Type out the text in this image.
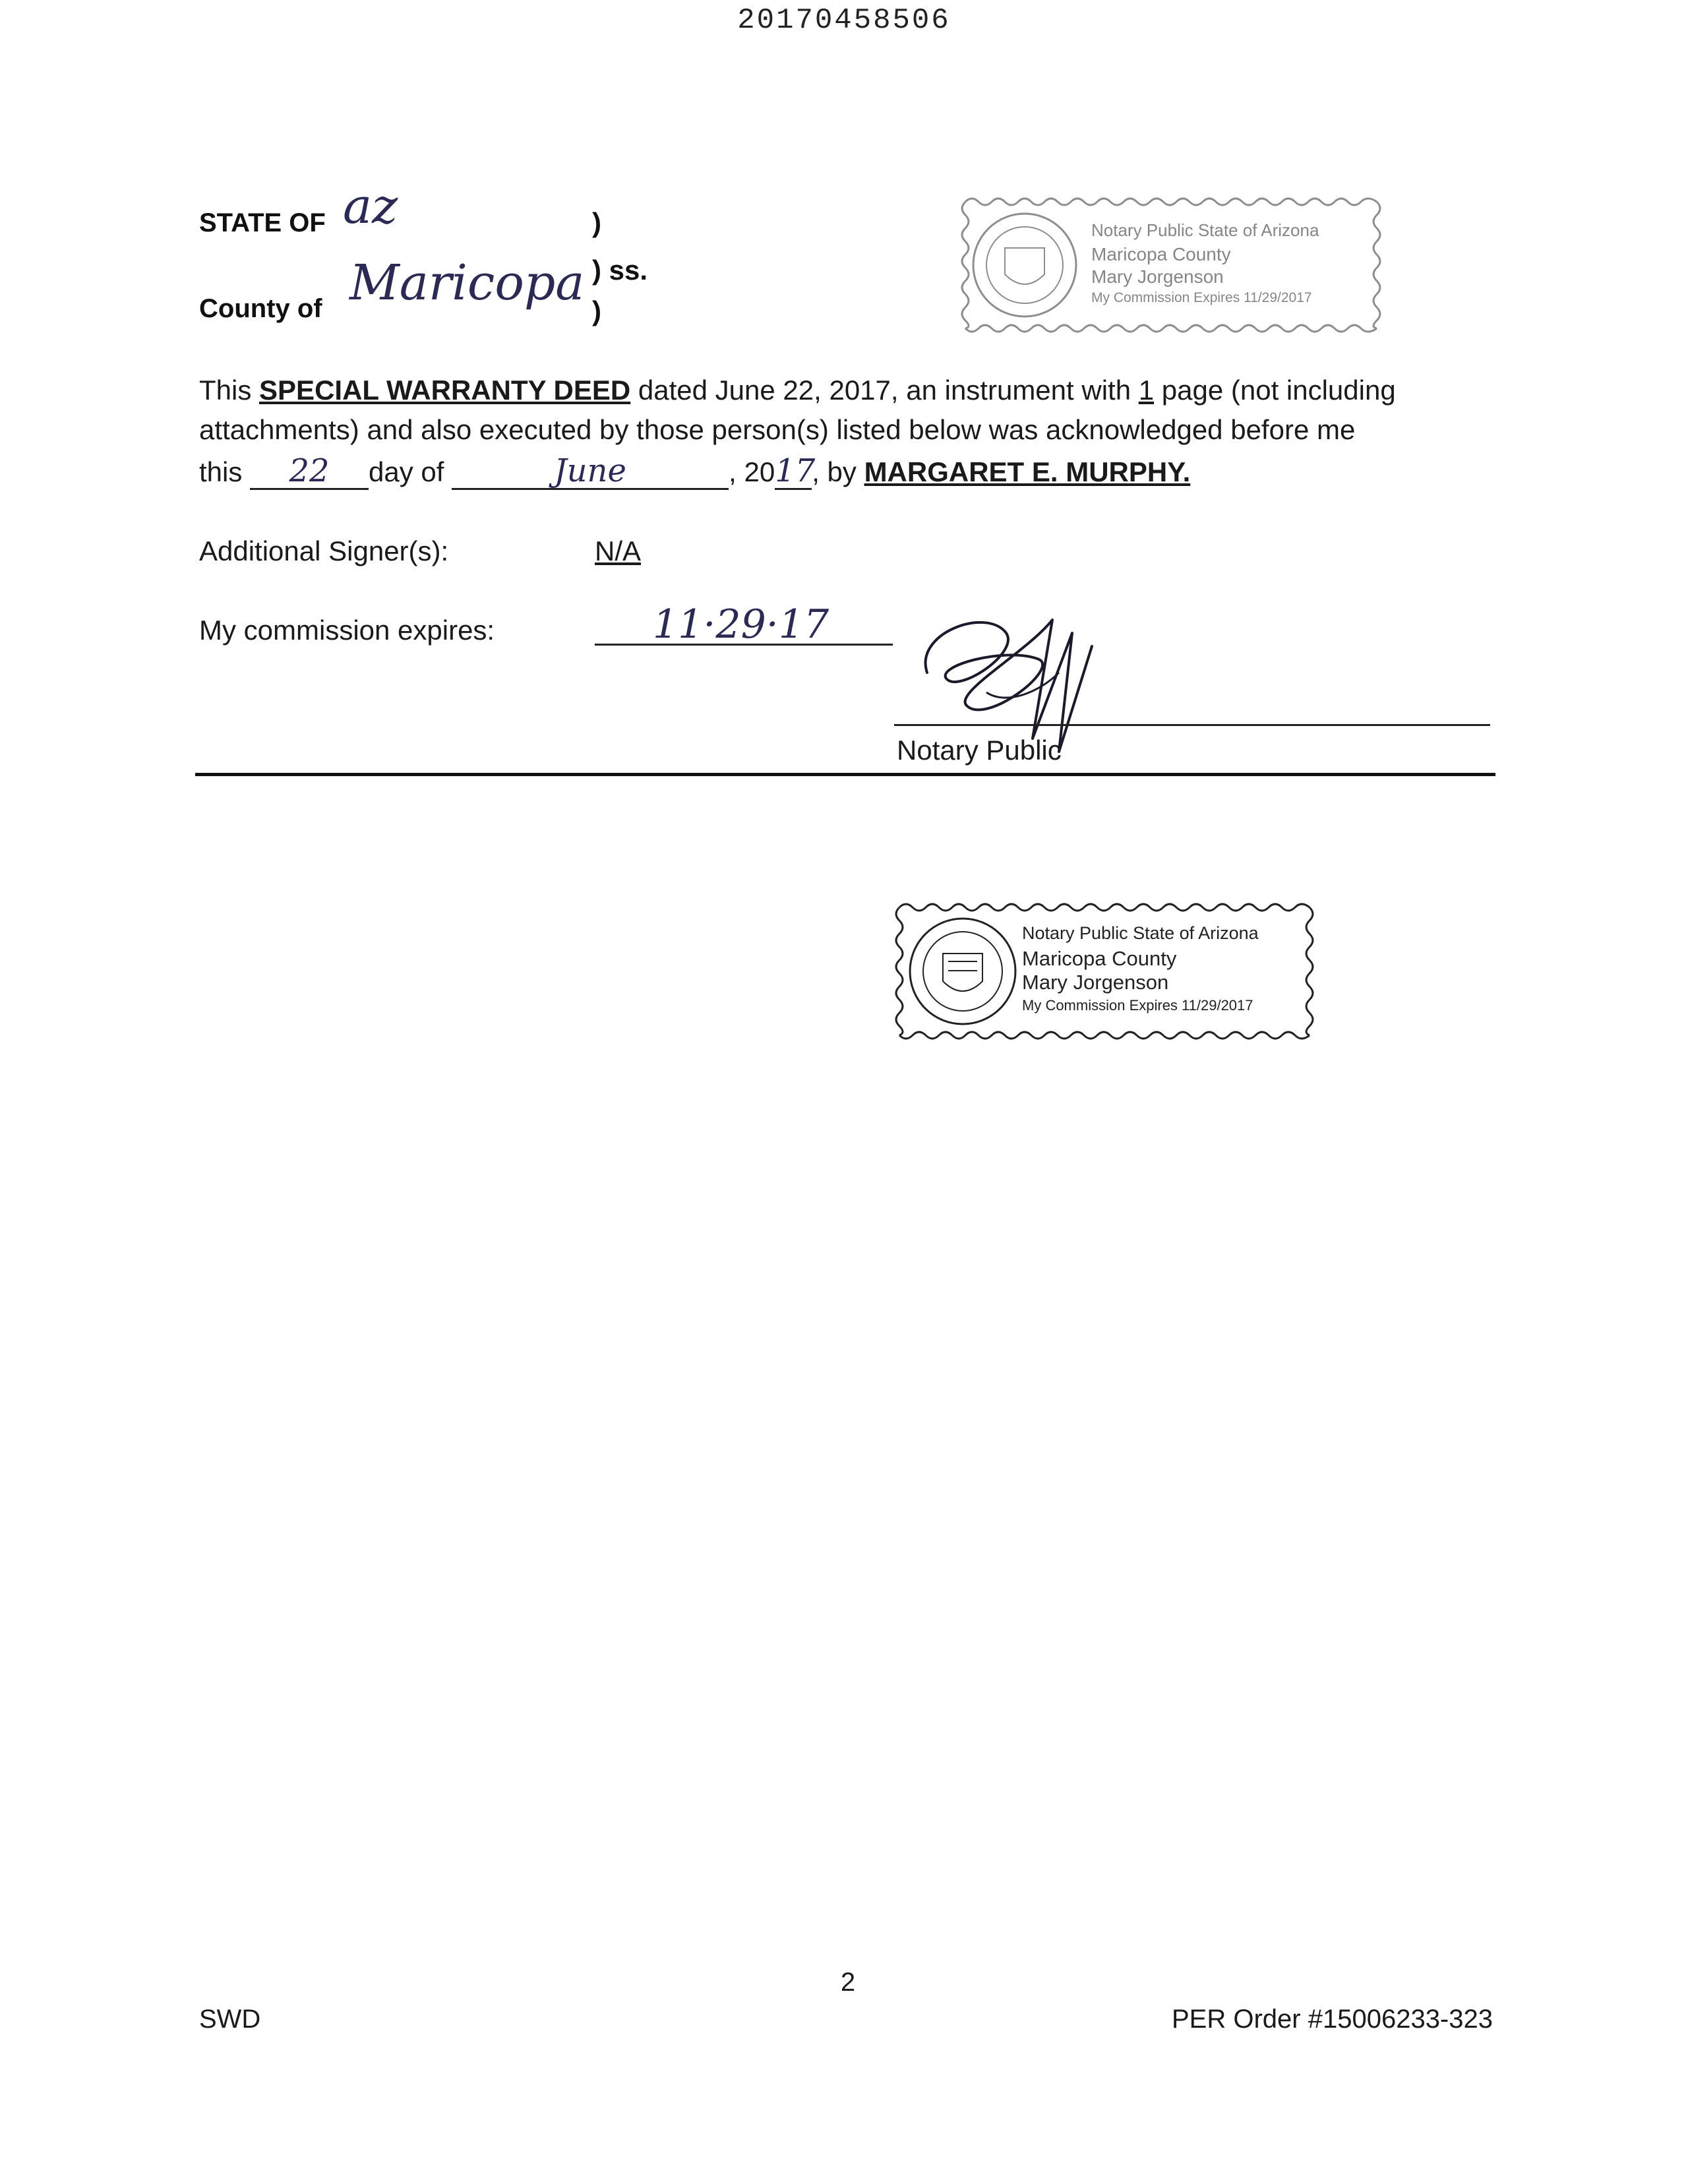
20170458506
STATE OF az	)
) ss.
County of Maricopa )
Notary Public State of Arizona
Maricopa County
Mary Jorgenson
My Commission Expires 11/29/2017
This SPECIAL WARRANTY DEED dated June 22, 2017, an instrument with 1 page (not including
attachments) and also executed by those person(s) listed below was acknowledged before me
this 22 day of	June	, 2017, by MARGARET E. MURPHY.
Additional Signer(s):	N/A
My commission expires:	11·29·17
Notary Public
Notary Public State of Arizona
Maricopa County
Mary Jorgenson
My Commission Expires 11/29/2017
2
SWD	PER Order #15006233-323
